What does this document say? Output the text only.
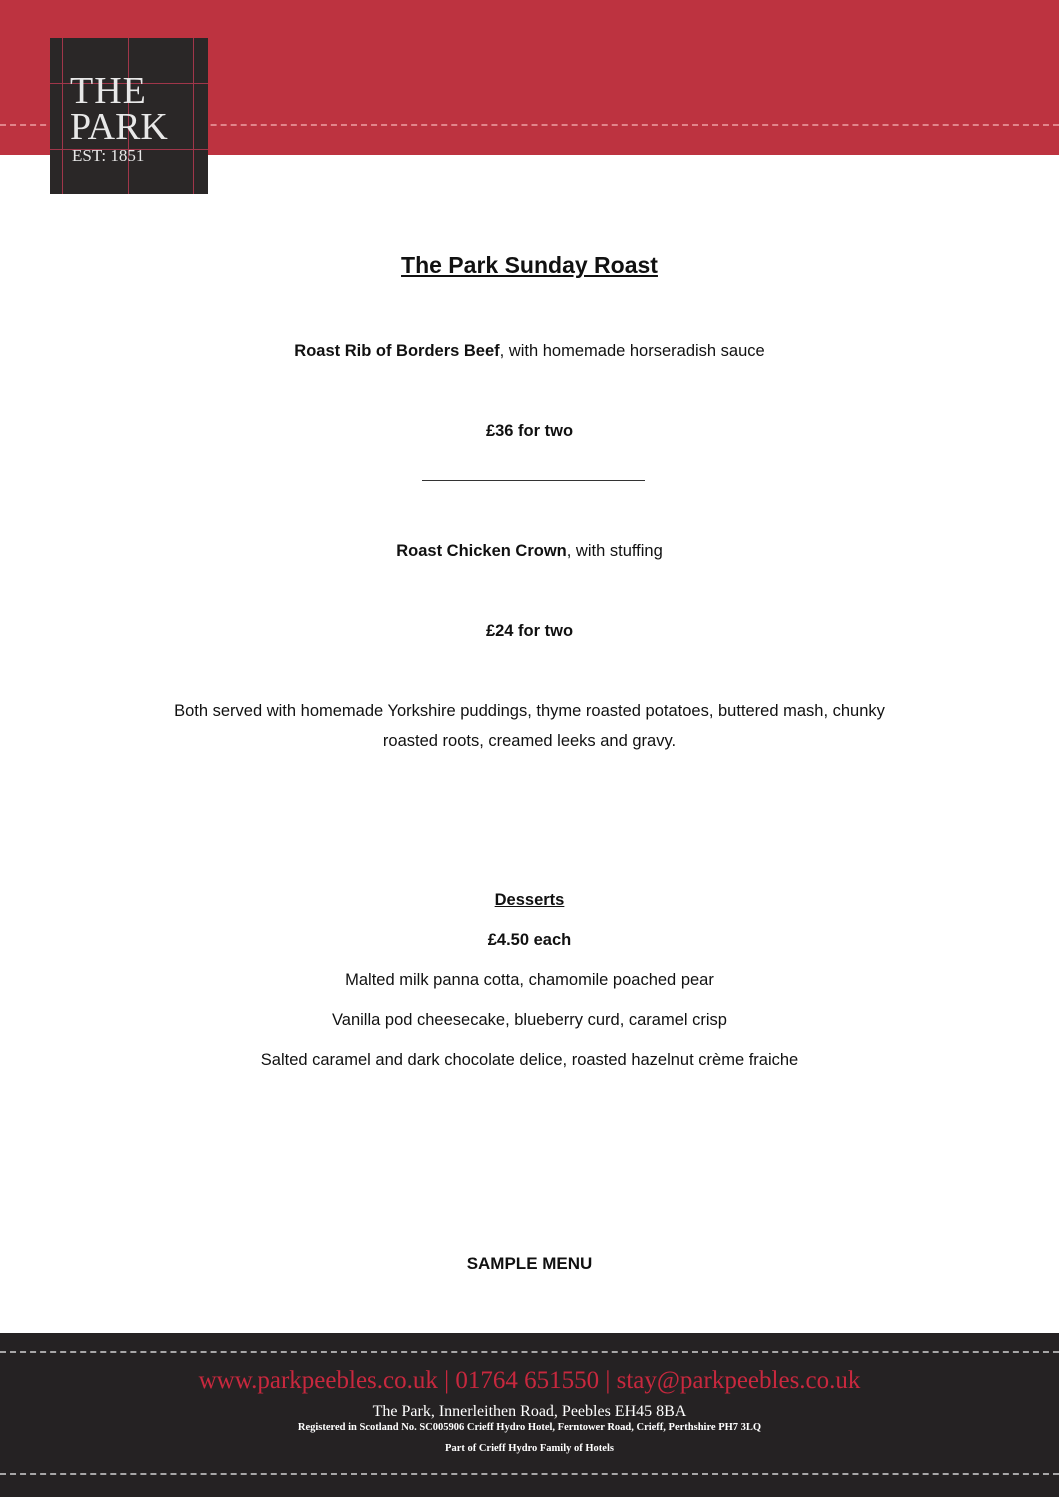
THE
PARK
EST: 1851
The Park Sunday Roast
Roast Rib of Borders Beef, with homemade horseradish sauce
£36 for two
Roast Chicken Crown, with stuffing
£24 for two
Both served with homemade Yorkshire puddings, thyme roasted potatoes, buttered mash, chunky
roasted roots, creamed leeks and gravy.
Desserts
£4.50 each
Malted milk panna cotta, chamomile poached pear
Vanilla pod cheesecake, blueberry curd, caramel crisp
Salted caramel and dark chocolate delice, roasted hazelnut crème fraiche
SAMPLE MENU
www.parkpeebles.co.uk | 01764 651550 | stay@parkpeebles.co.uk
The Park, Innerleithen Road, Peebles EH45 8BA
Registered in Scotland No. SC005906 Crieff Hydro Hotel, Ferntower Road, Crieff, Perthshire PH7 3LQ
Part of Crieff Hydro Family of Hotels
